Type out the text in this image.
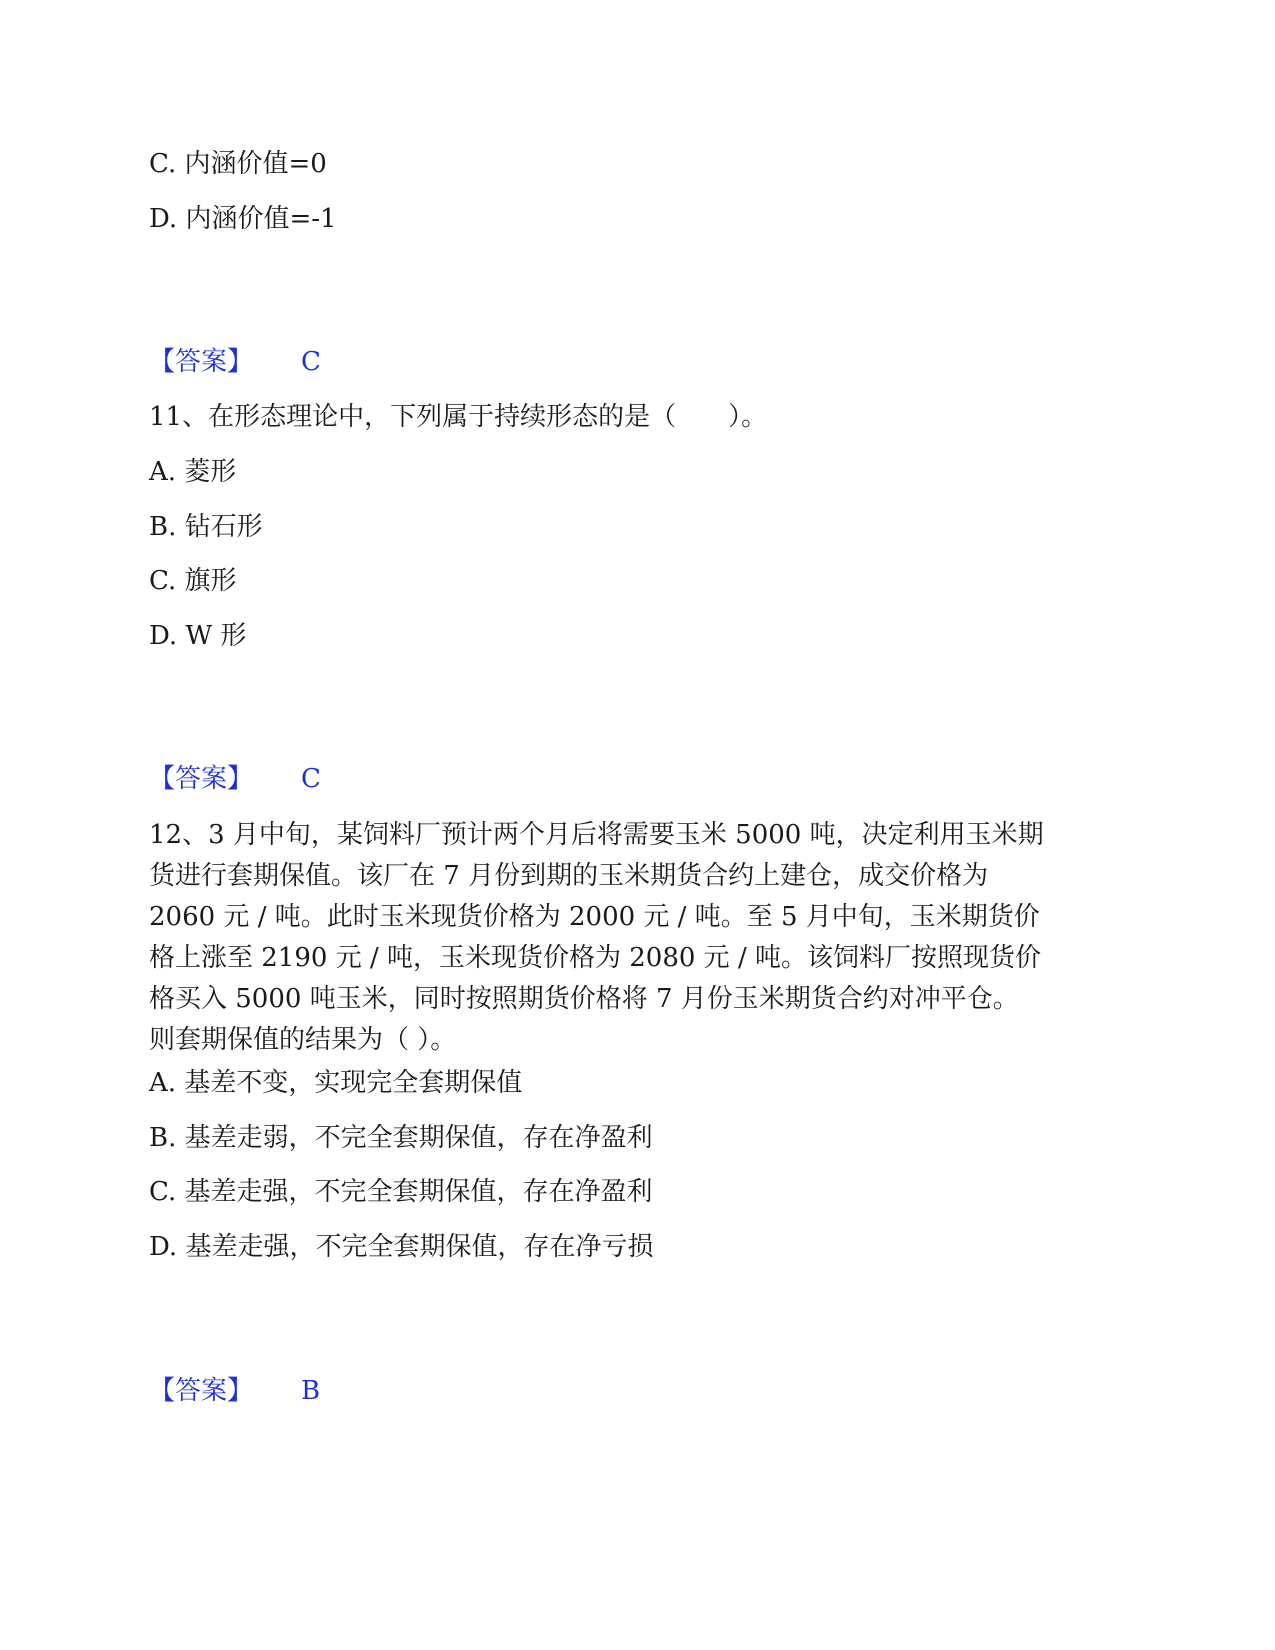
C. 内涵价值=0
D. 内涵价值=-1
【答案】 C
11、在形态理论中，下列属于持续形态的是（　　）。
A. 菱形
B. 钻石形
C. 旗形
D. W 形
【答案】 C
12、3 月中旬，某饲料厂预计两个月后将需要玉米 5000 吨，决定利用玉米期
货进行套期保值。该厂在 7 月份到期的玉米期货合约上建仓，成交价格为
2060 元 / 吨。此时玉米现货价格为 2000 元 / 吨。至 5 月中旬，玉米期货价
格上涨至 2190 元 / 吨，玉米现货价格为 2080 元 / 吨。该饲料厂按照现货价
格买入 5000 吨玉米，同时按照期货价格将 7 月份玉米期货合约对冲平仓。
则套期保值的结果为（ ）。
A. 基差不变，实现完全套期保值
B. 基差走弱，不完全套期保值，存在净盈利
C. 基差走强，不完全套期保值，存在净盈利
D. 基差走强，不完全套期保值，存在净亏损
【答案】 B
